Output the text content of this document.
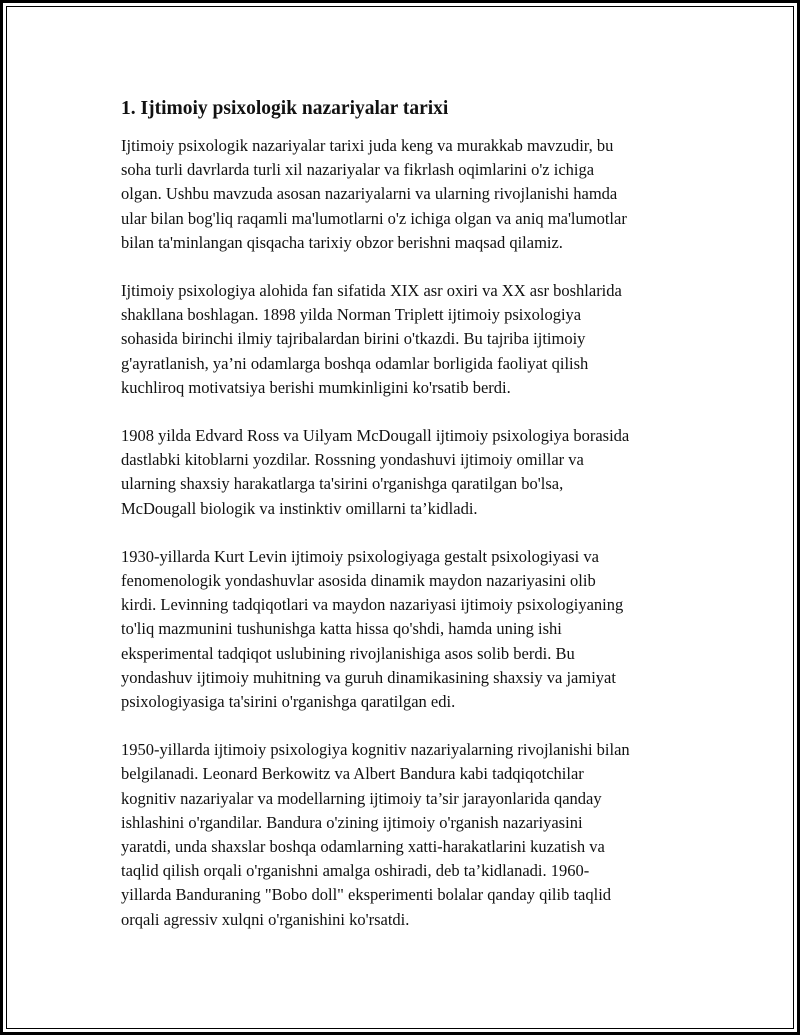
1. Ijtimoiy psixologik nazariyalar tarixi

Ijtimoiy psixologik nazariyalar tarixi juda keng va murakkab mavzudir, bu
soha turli davrlarda turli xil nazariyalar va fikrlash oqimlarini o'z ichiga
olgan. Ushbu mavzuda asosan nazariyalarni va ularning rivojlanishi hamda
ular bilan bog'liq raqamli ma'lumotlarni o'z ichiga olgan va aniq ma'lumotlar
bilan ta'minlangan qisqacha tarixiy obzor berishni maqsad qilamiz.

Ijtimoiy psixologiya alohida fan sifatida XIX asr oxiri va XX asr boshlarida
shakllana boshlagan. 1898 yilda Norman Triplett ijtimoiy psixologiya
sohasida birinchi ilmiy tajribalardan birini o'tkazdi. Bu tajriba ijtimoiy
g'ayratlanish, ya’ni odamlarga boshqa odamlar borligida faoliyat qilish
kuchliroq motivatsiya berishi mumkinligini ko'rsatib berdi.

1908 yilda Edvard Ross va Uilyam McDougall ijtimoiy psixologiya borasida
dastlabki kitoblarni yozdilar. Rossning yondashuvi ijtimoiy omillar va
ularning shaxsiy harakatlarga ta'sirini o'rganishga qaratilgan bo'lsa,
McDougall biologik va instinktiv omillarni ta’kidladi.

1930-yillarda Kurt Levin ijtimoiy psixologiyaga gestalt psixologiyasi va
fenomenologik yondashuvlar asosida dinamik maydon nazariyasini olib
kirdi. Levinning tadqiqotlari va maydon nazariyasi ijtimoiy psixologiyaning
to'liq mazmunini tushunishga katta hissa qo'shdi, hamda uning ishi
eksperimental tadqiqot uslubining rivojlanishiga asos solib berdi. Bu
yondashuv ijtimoiy muhitning va guruh dinamikasining shaxsiy va jamiyat
psixologiyasiga ta'sirini o'rganishga qaratilgan edi.

1950-yillarda ijtimoiy psixologiya kognitiv nazariyalarning rivojlanishi bilan
belgilanadi. Leonard Berkowitz va Albert Bandura kabi tadqiqotchilar
kognitiv nazariyalar va modellarning ijtimoiy ta’sir jarayonlarida qanday
ishlashini o'rgandilar. Bandura o'zining ijtimoiy o'rganish nazariyasini
yaratdi, unda shaxslar boshqa odamlarning xatti-harakatlarini kuzatish va
taqlid qilish orqali o'rganishni amalga oshiradi, deb ta’kidlanadi. 1960-
yillarda Banduraning "Bobo doll" eksperimenti bolalar qanday qilib taqlid
orqali agressiv xulqni o'rganishini ko'rsatdi.
